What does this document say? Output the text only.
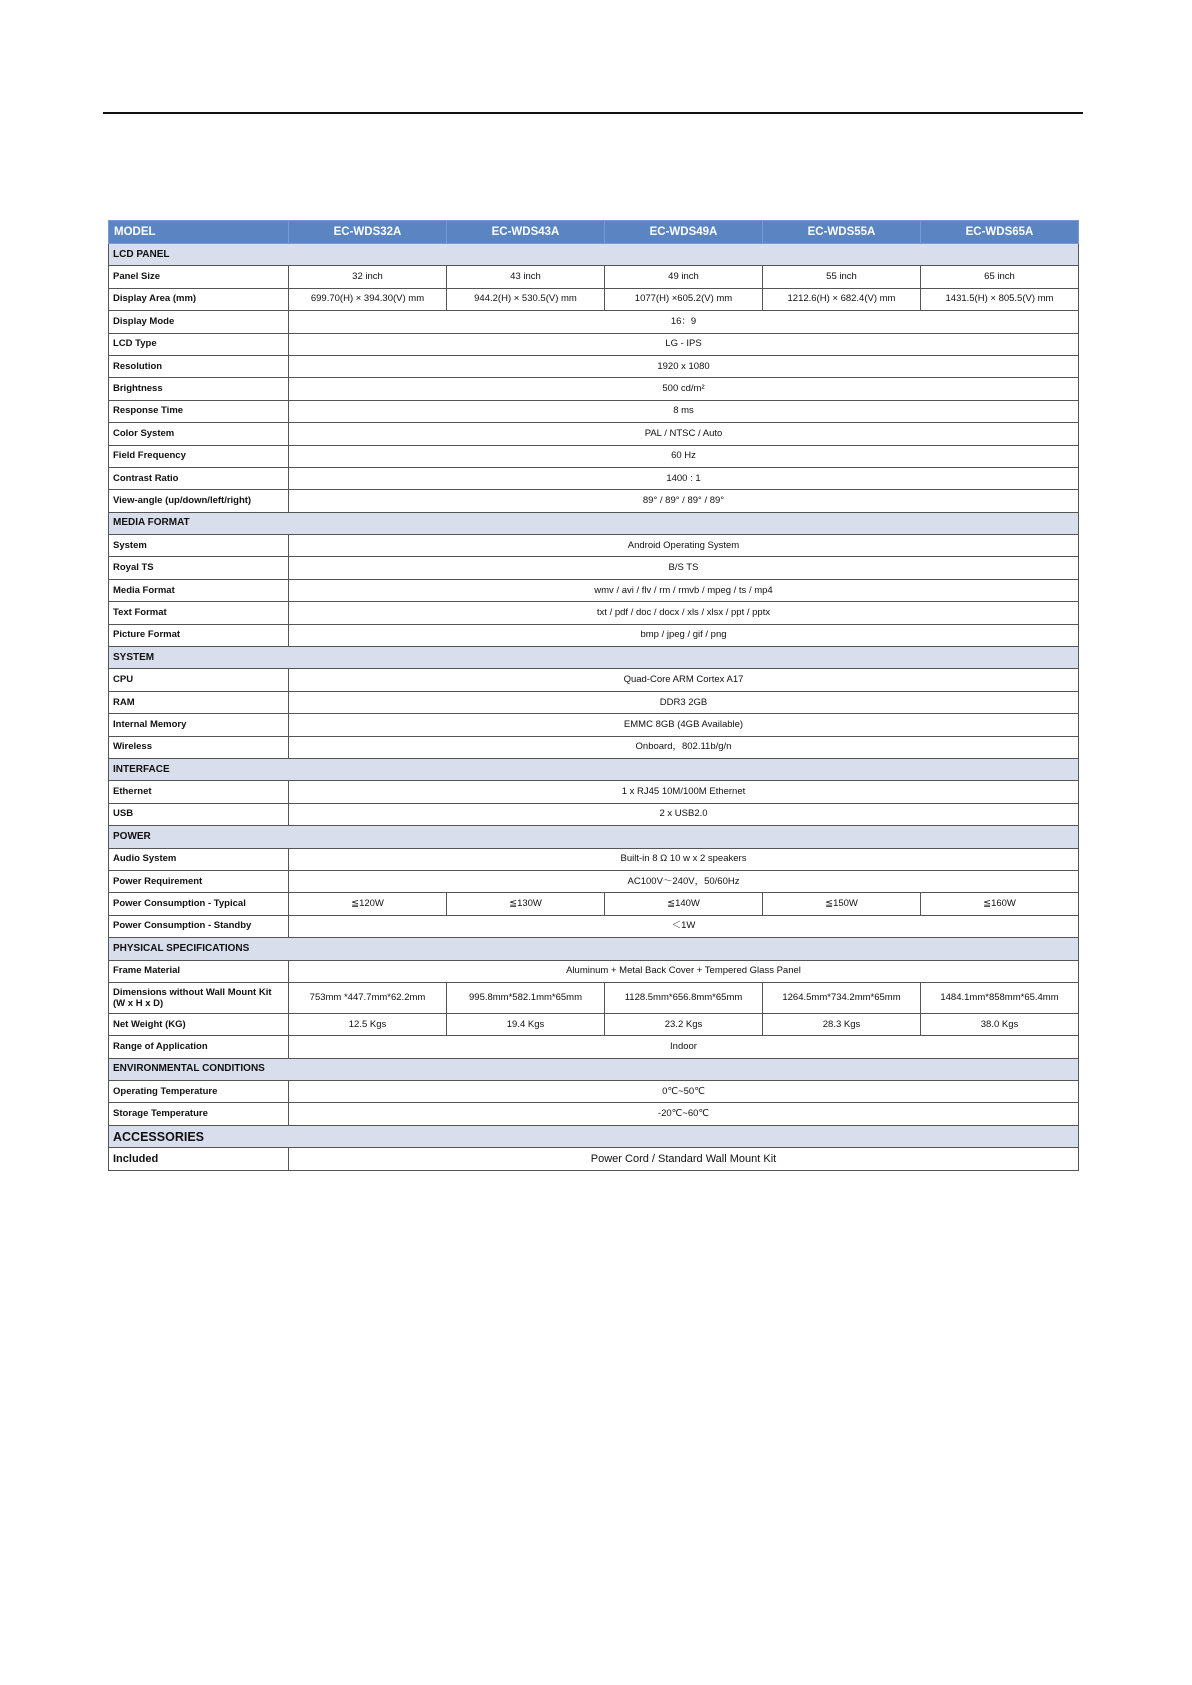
MODEL	EC-WDS32A	EC-WDS43A	EC-WDS49A	EC-WDS55A	EC-WDS65A
LCD PANEL					
Panel Size	32 inch	43 inch	49 inch	55 inch	65 inch
Display Area (mm)	699.70(H) × 394.30(V) mm	944.2(H) × 530.5(V) mm	1077(H) ×605.2(V) mm	1212.6(H) × 682.4(V) mm	1431.5(H) × 805.5(V) mm
Display Mode	16：9				
LCD Type	LG - IPS				
Resolution	1920 x 1080				
Brightness	500 cd/m²				
Response Time	8 ms				
Color System	PAL / NTSC / Auto				
Field Frequency	60 Hz				
Contrast Ratio	1400 : 1				
View-angle (up/down/left/right)	89° / 89° / 89° / 89°				
MEDIA FORMAT					
System	Android Operating System				
Royal TS	B/S TS				
Media Format	wmv / avi / flv / rm / rmvb / mpeg / ts / mp4				
Text Format	txt / pdf / doc / docx / xls / xlsx / ppt / pptx				
Picture Format	bmp / jpeg / gif / png				
SYSTEM					
CPU	Quad-Core ARM Cortex A17				
RAM	DDR3 2GB				
Internal Memory	EMMC 8GB (4GB Available)				
Wireless	Onboard，802.11b/g/n				
INTERFACE					
Ethernet	1 x RJ45 10M/100M Ethernet				
USB	2 x USB2.0				
POWER					
Audio System	Built-in 8 Ω 10 w x 2 speakers				
Power Requirement	AC100V～240V，50/60Hz				
Power Consumption - Typical	≦120W	≦130W	≦140W	≦150W	≦160W
Power Consumption - Standby	＜1W				
PHYSICAL SPECIFICATIONS					
Frame Material	Aluminum + Metal Back Cover + Tempered Glass Panel				
Dimensions without Wall Mount Kit (W x H x D)	753mm *447.7mm*62.2mm	995.8mm*582.1mm*65mm	1128.5mm*656.8mm*65mm	1264.5mm*734.2mm*65mm	1484.1mm*858mm*65.4mm
Net Weight (KG)	12.5 Kgs	19.4 Kgs	23.2 Kgs	28.3 Kgs	38.0 Kgs
Range of Application	Indoor				
ENVIRONMENTAL CONDITIONS					
Operating Temperature	0℃~50℃				
Storage Temperature	-20℃~60℃				
ACCESSORIES					
Included	Power Cord / Standard Wall Mount Kit				
